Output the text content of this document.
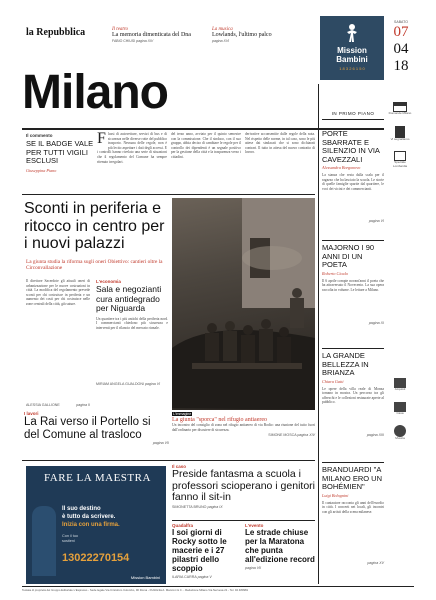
la Repubblica	Il teatro
La memoria dimenticata del Dna
FABIO CHIUSI pagina XIV
La musica
Lowlands, l'ultimo palco
pagina XVI
Milano
Mission
Bambini
1 8 3 2 6 1 5 0
SABATO
07
04
18
Il commento
SE IL BADGE VALE PER TUTTI VIGILI ESCLUSI
Giuseppina Piano
Flussi di autovetture, servizi di bus e di sicurezza nelle diverse rotte del pubblico trasporto. Nessuna delle regole, non è più lecito aspettare i dati degli accessi. E i controlli hanno rivelato una serie di situazioni che il regolamento del Comune ha sempre ritenuto irregolari.
del terzo anno, avviato per il quinto semestre con la commissione. Che il sindaco, con il suo gruppo, abbia deciso di cambiare le regole per il controllo dei dipendenti è un segnale positivo per la gestione della città e la trasparenza verso i cittadini.
derivative acconsentite dalle regole della nota. Nel rispetto delle norme, in tal caso, sono le più attese dai sindacati che si sono dichiarati contrari. Il tutto in attesa del nuovo contratto di lavoro.
Sconti in periferia e ritocco in centro per i nuovi palazzi
La giunta studia la riforma sugli oneri Obiettivo: cantieri oltre la Circonvallazione
Il direttore Sacerdote gli attuali oneri di urbanizzazione per le nuove costruzioni in città. La modifica del regolamento prevede sconti per chi costruisce in periferia e un aumento dei costi per chi costruisce nelle zone centrali della città, già sature.
ALESSIA GALLIONE	pagina II
L'economia
Sala e negozianti cura antidegrado per Niguarda
Un quartiere tra i più antichi della periferia nord. I commercianti chiedono più sicurezza e interventi per il rilancio del mercato rionale.
MIRIAM ANGELA GUALDONI pagina VI
L'immagine
La giunta "sporca" nel rifugio antiaereo
Un incontro del consiglio di zona nel rifugio antiaereo di via Bodio: una riunione del tutto fuori dall'ordinario per discutere di sicurezza.
SIMONE MOSCA pagina XIV
I lavori
La Rai verso il Portello si del Comune al trasloco
pagina VII
FARE LA MAESTRA
Il suo destino
è tutto da scrivere.
Inizia con una firma.
Con il tuo
sostieni
13022270154
Mission Bambini
Il caso
Preside fantasma a scuola i professori scioperano i genitori fanno il sit-in
SIMONETTA BRUNO pagina IX
Quadalfra
I soi giorni di Rocky sotto le macerie e i 27 pilastri dello scoppio
ILARIA CARRA pagina V
L'evento
Le strade chiuse per la Maratona che punta all'edizione record
pagina VII
IN PRIMO PIANO
PORTE SBARRATE E SILENZIO IN VIA CAVEZZALI
Alessandra Borgonovo
La stanza che resta dalla scala per il ragazzo che ha lasciato la scuola. Le storie di quelle famiglie sparite dal quartiere, le voci dei vicini e dei commercianti.
pagina VI
MAJORNO I 90 ANNI DI UN POETA
Roberto Cicala
Il 6 aprile compie novant'anni il poeta che ha attraversato il Novecento. La sua opera raccolta in volume. Le letture a Milano.
pagina XI
LA GRANDE BELLEZZA IN BRIANZA
Chiara Gatti
Le opere della villa reale di Monza tornano in mostra. Un percorso tra gli affreschi e le collezioni restaurate aperte al pubblico.
pagina XIII
BRANDUARDI "A MILANO ERO UN BOHÉMIEN"
Luigi Bolognini
Il cantautore racconta gli anni dell'esordio in città. I concerti nei locali, gli incontri con gli artisti della scena milanese.
pagina XV
Domande Milano
Vi segnaliamo
Speciale Lombardia
Acquisti
Casa
Musica
Testata di proprietà del Gruppo Editoriale L'Espresso - Sede legale Via Cristoforo Colombo, 90 Roma - Pubblicità A. Manzoni & C. - Redazione Milano Via Nervesa 21 - Tel. 02 480981
